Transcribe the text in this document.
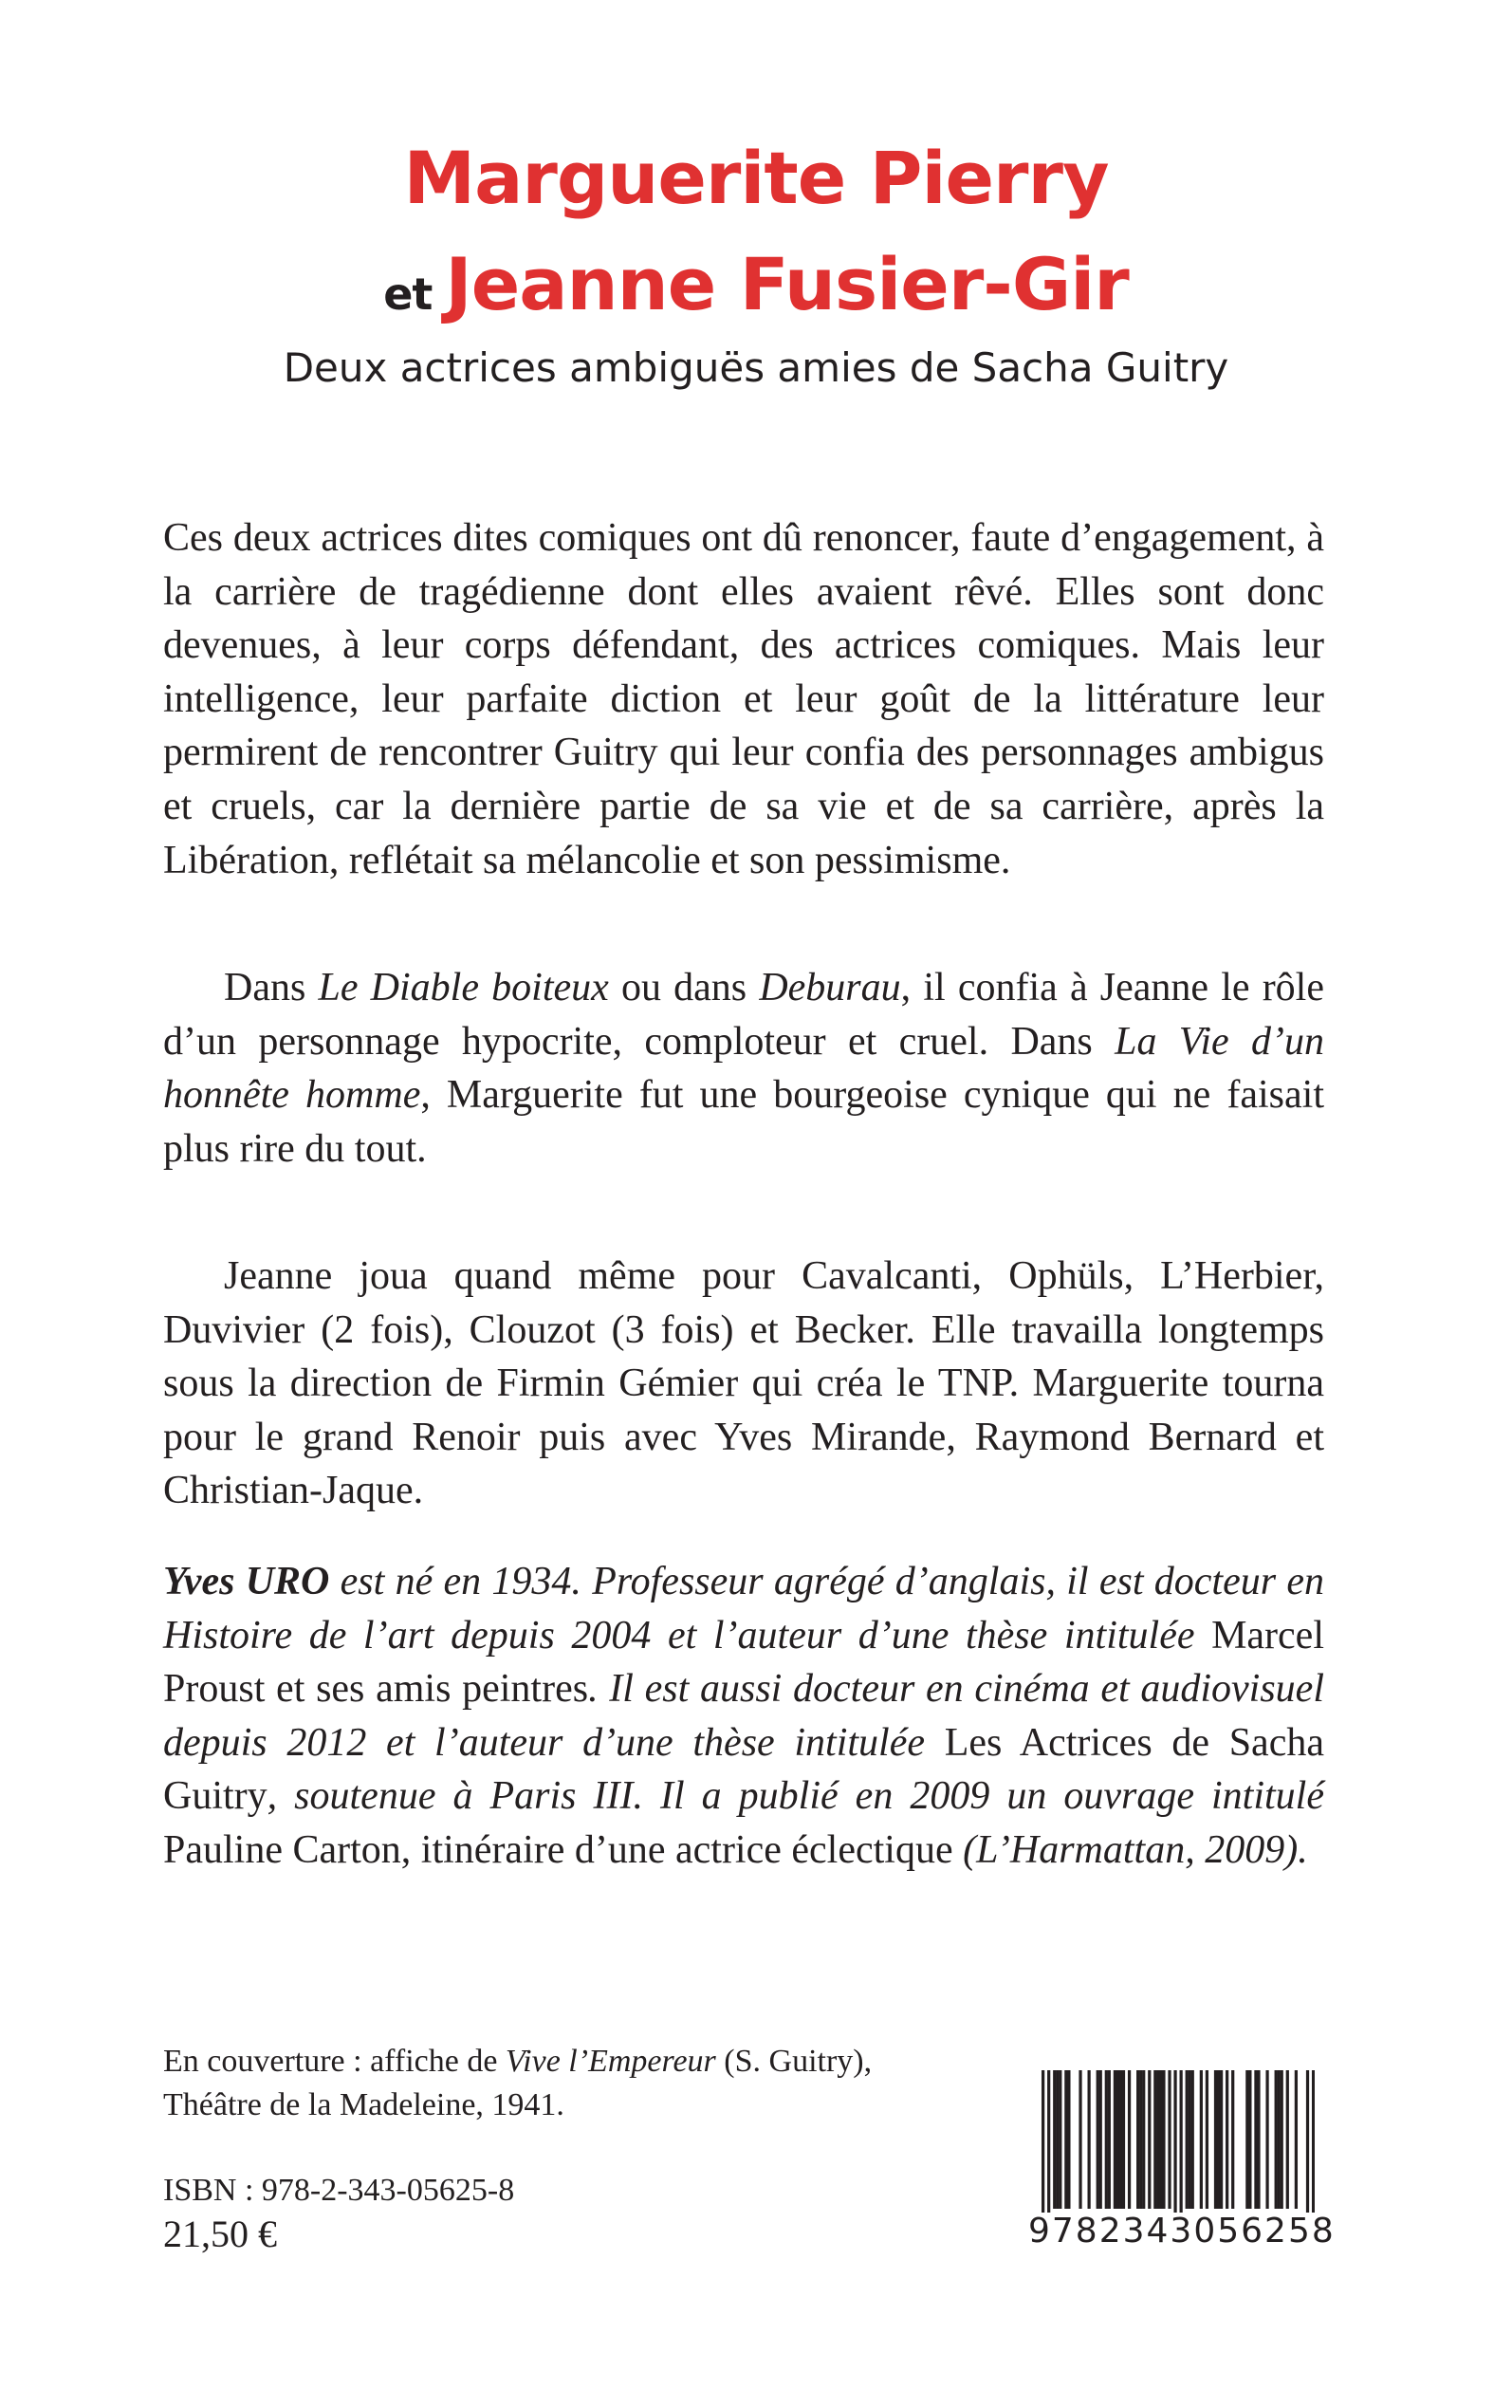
Marguerite Pierry
et Jeanne Fusier-Gir

Deux actrices ambiguës amies de Sacha Guitry

Ces deux actrices dites comiques ont dû renoncer, faute d’engagement, à la carrière de tragédienne dont elles avaient rêvé. Elles sont donc devenues, à leur corps défendant, des actrices comiques. Mais leur intelligence, leur parfaite diction et leur goût de la littérature leur permirent de rencontrer Guitry qui leur confia des personnages ambigus et cruels, car la dernière partie de sa vie et de sa carrière, après la Libération, reflétait sa mélancolie et son pessimisme.

Dans Le Diable boiteux ou dans Deburau, il confia à Jeanne le rôle d’un personnage hypocrite, comploteur et cruel. Dans La Vie d’un honnête homme, Marguerite fut une bourgeoise cynique qui ne faisait plus rire du tout.

Jeanne joua quand même pour Cavalcanti, Ophüls, L’Herbier, Duvivier (2 fois), Clouzot (3 fois) et Becker. Elle travailla longtemps sous la direction de Firmin Gémier qui créa le TNP. Marguerite tourna pour le grand Renoir puis avec Yves Mirande, Raymond Bernard et Christian-Jaque.

Yves URO est né en 1934. Professeur agrégé d’anglais, il est docteur en Histoire de l’art depuis 2004 et l’auteur d’une thèse intitulée Marcel Proust et ses amis peintres. Il est aussi docteur en cinéma et audiovisuel depuis 2012 et l’auteur d’une thèse intitulée Les Actrices de Sacha Guitry, soutenue à Paris III. Il a publié en 2009 un ouvrage intitulé Pauline Carton, itinéraire d’une actrice éclectique (L’Harmattan, 2009).

En couverture : affiche de Vive l’Empereur (S. Guitry),

Théâtre de la Madeleine, 1941.

ISBN : 978-2-343-05625-8

21,50 €	9782343056258
